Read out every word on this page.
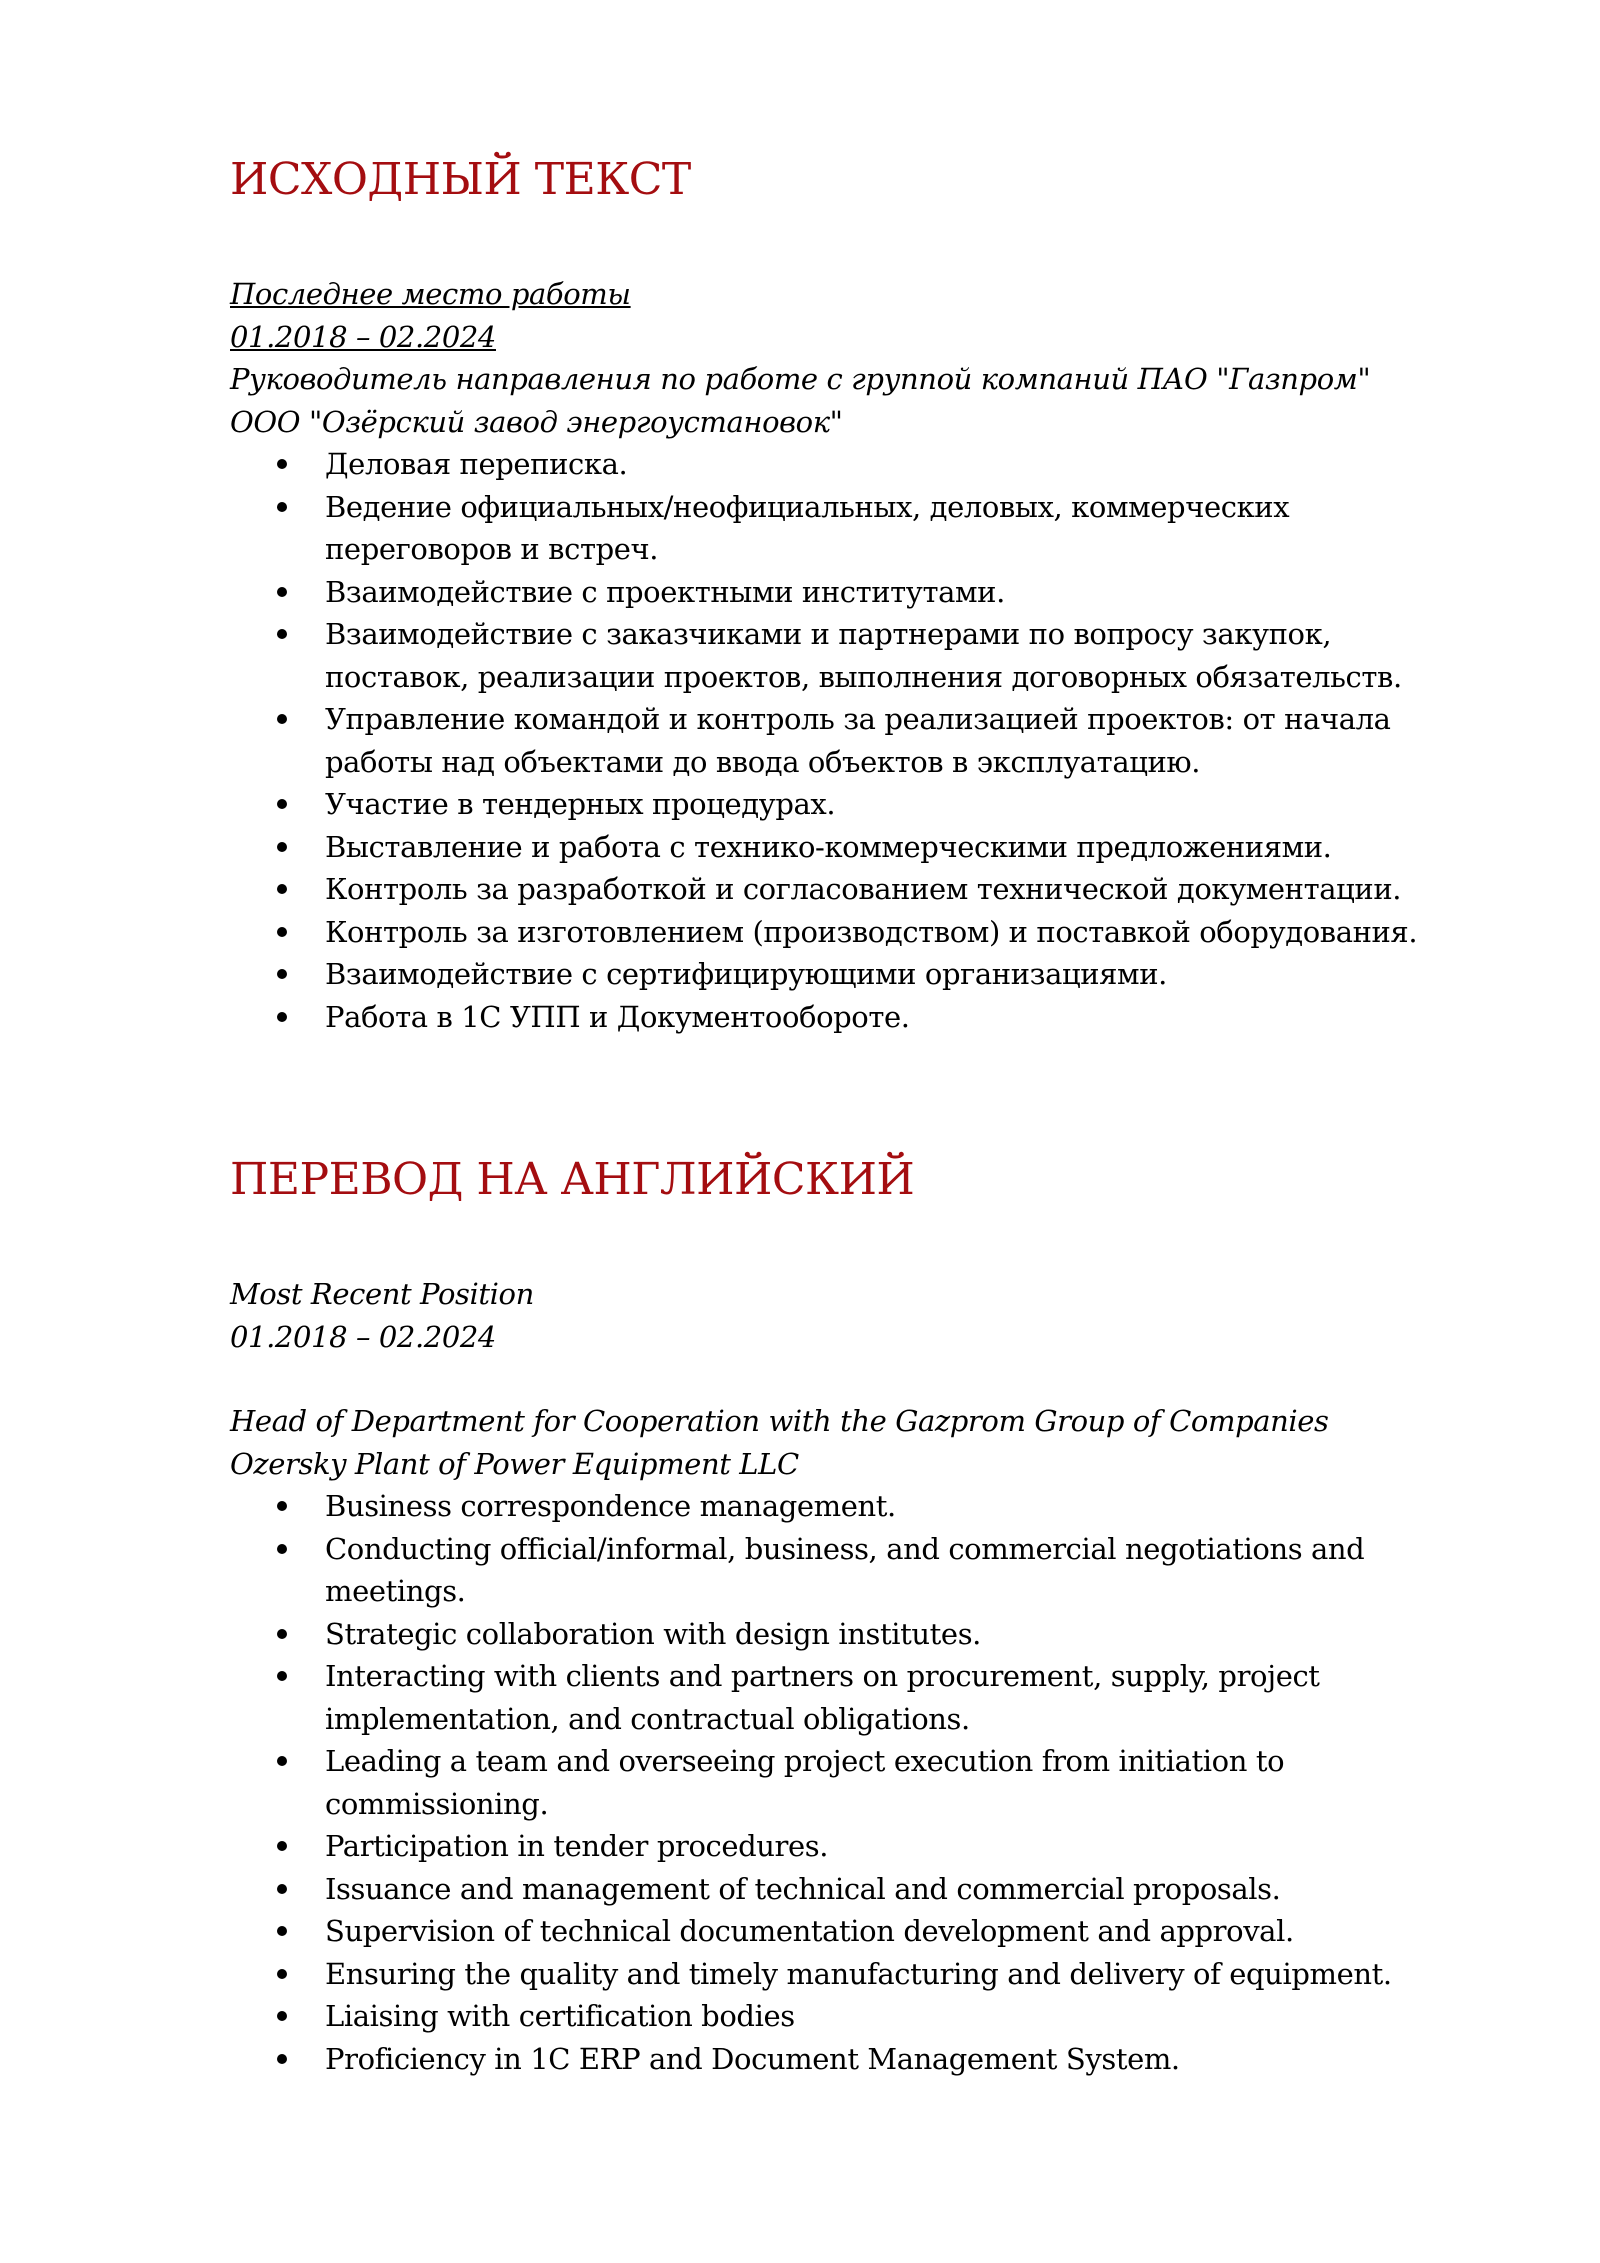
ИСХОДНЫЙ ТЕКСТ

Последнее место работы
01.2018 – 02.2024
Руководитель направления по работе с группой компаний ПАО "Газпром"
ООО "Озёрский завод энергоустановок"

Деловая переписка.
Ведение официальных/неофициальных, деловых, коммерческих переговоров и встреч.
Взаимодействие с проектными институтами.
Взаимодействие с заказчиками и партнерами по вопросу закупок, поставок, реализации проектов, выполнения договорных обязательств.
Управление командой и контроль за реализацией проектов: от начала работы над объектами до ввода объектов в эксплуатацию.
Участие в тендерных процедурах.
Выставление и работа с технико-коммерческими предложениями.
Контроль за разработкой и согласованием технической документации.
Контроль за изготовлением (производством) и поставкой оборудования.
Взаимодействие с сертифицирующими организациями.
Работа в 1С УПП и Документообороте.
ПЕРЕВОД НА АНГЛИЙСКИЙ

Most Recent Position
01.2018 – 02.2024

Head of Department for Cooperation with the Gazprom Group of Companies
Ozersky Plant of Power Equipment LLC

Business correspondence management.
Conducting official/informal, business, and commercial negotiations and meetings.
Strategic collaboration with design institutes.
Interacting with clients and partners on procurement, supply, project implementation, and contractual obligations.
Leading a team and overseeing project execution from initiation to commissioning.
Participation in tender procedures.
Issuance and management of technical and commercial proposals.
Supervision of technical documentation development and approval.
Ensuring the quality and timely manufacturing and delivery of equipment.
Liaising with certification bodies
Proficiency in 1C ERP and Document Management System.
